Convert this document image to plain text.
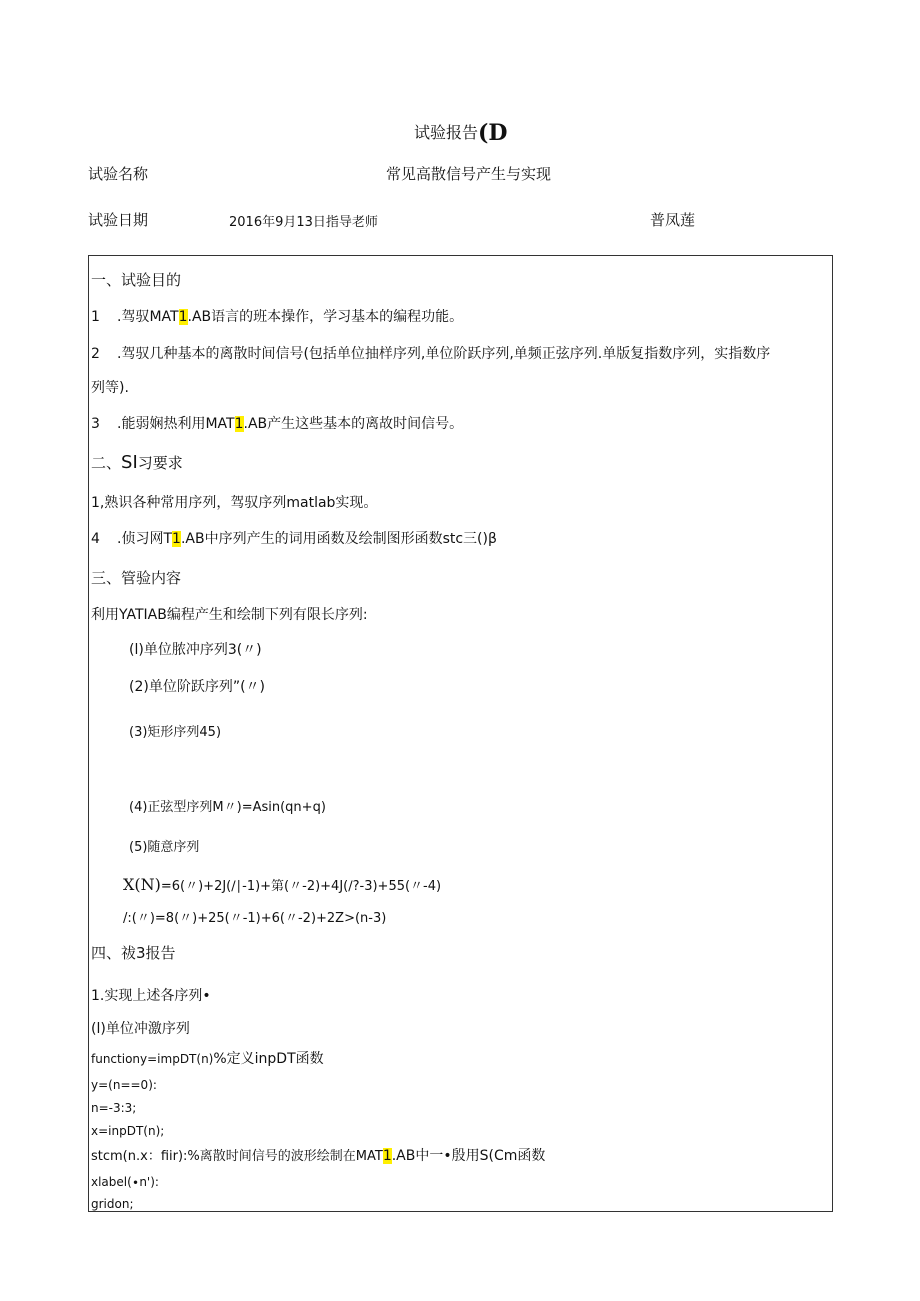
试验报告(D
试验名称	常见高散信号产生与实现
试验日期	2016年9月13日指导老师	普凤莲
一、试验目的
1 .驾驭MAT1.AB语言的班本操作，学习基本的编程功能。
2 .驾驭几种基本的离散时间信号(包括单位抽样序列,单位阶跃序列,单频正弦序列.单版复指数序列，实指数序
列等).
3 .能弱娴热利用MAT1.AB产生这些基本的离故时间信号。
二、SI习要求
1,熟识各种常用序列，驾驭序列matlab实现。
4 .侦习网T1.AB中序列产生的词用函数及绘制图形函数stc三()β
三、管验内容
利用YATIAB编程产生和绘制下列有限长序列:
(l)单位脓冲序列3(〃)
(2)单位阶跃序列”(〃)
(3)矩形序列45)
(4)正弦型序列M〃)=Asin(qn+q)
(5)随意序列
X(N)=6(〃)+2J(∕∣-1)+第(〃-2)+4J(∕?-3)+55(〃-4)
/:(〃)=8(〃)+25(〃-1)+6(〃-2)+2Z>(n-3)
四、祓3报告
1.实现上述各序列•
(l)单位冲激序列
functiony=impDT(n)%定义inpDT函数
y=(n==0):
n=-3:3;
x=inpDT(n);
stcm(n.x：fiir):%离散时间信号的波形绘制在MAT1.AB中一•殷用S(Cm函数
xlabel(∙n'):
gridon;
